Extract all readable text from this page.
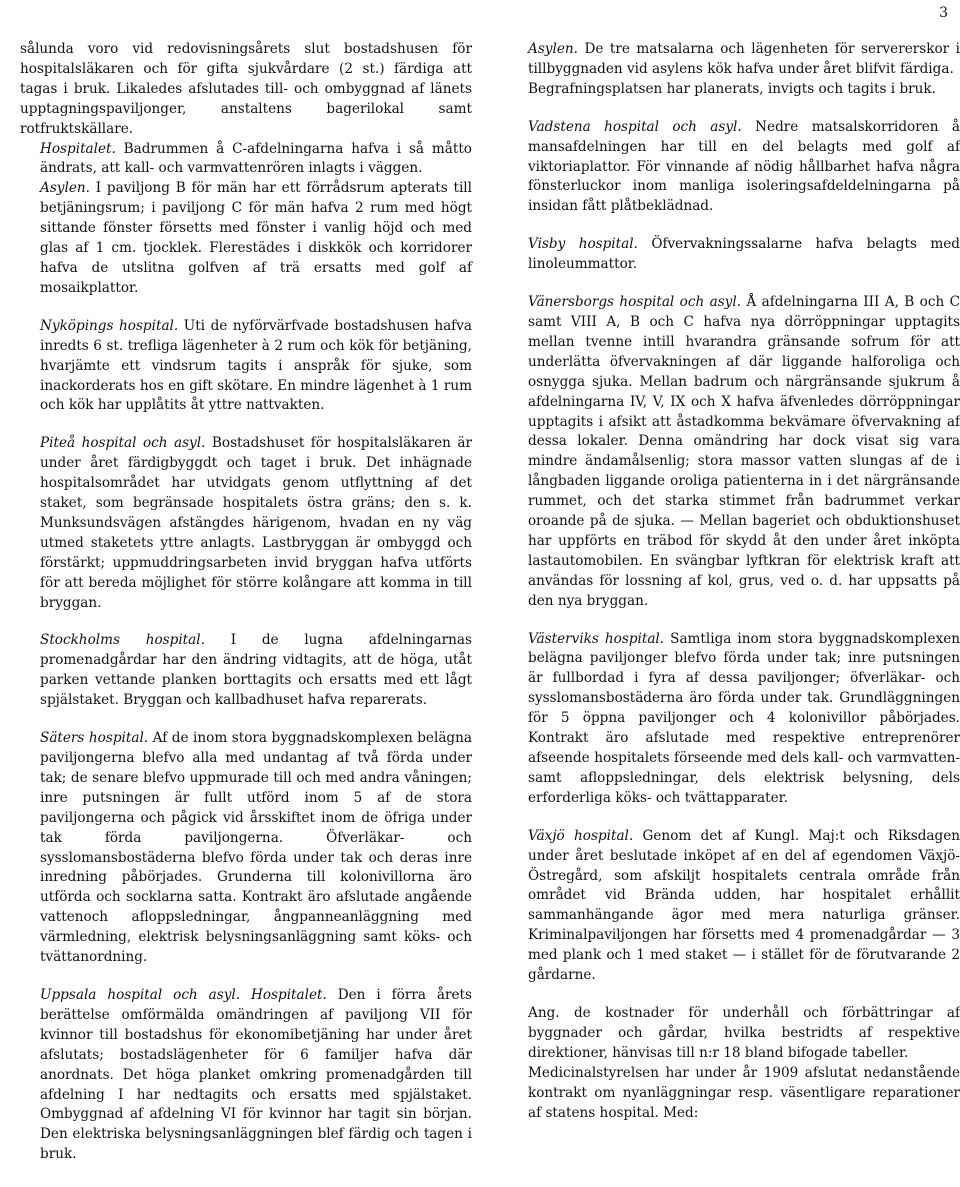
3

sålunda voro vid redovisningsårets slut bostadshusen för hospitalsläkaren och för gifta sjukvårdare (2 st.) färdiga att tagas i bruk. Likaledes afslutades till- och ombyggnad af länets upptagningspaviljonger, anstaltens bagerilokal samt rotfruktskällare.

Hospitalet. Badrummen å C-afdelningarna hafva i så måtto ändrats, att kall- och varmvattenrören inlagts i väggen.

Asylen. I paviljong B för män har ett förrådsrum apterats till betjäningsrum; i paviljong C för män hafva 2 rum med högt sittande fönster försetts med fönster i vanlig höjd och med glas af 1 cm. tjocklek. Flerestädes i diskkök och korridorer hafva de utslitna golfven af trä ersatts med golf af mosaikplattor.

Nyköpings hospital. Uti de nyförvärfvade bostadshusen hafva inredts 6 st. trefliga lägenheter à 2 rum och kök för betjäning, hvarjämte ett vindsrum tagits i anspråk för sjuke, som inackorderats hos en gift skötare. En mindre lägenhet à 1 rum och kök har upplåtits åt yttre nattvakten.

Piteå hospital och asyl. Bostadshuset för hospitalsläkaren är under året färdigbyggdt och taget i bruk. Det inhägnade hospitalsområdet har utvidgats genom utflyttning af det staket, som begränsade hospitalets östra gräns; den s. k. Munksundsvägen afstängdes härigenom, hvadan en ny väg utmed staketets yttre anlagts. Lastbryggan är ombyggd och förstärkt; uppmuddringsarbeten invid bryggan hafva utförts för att bereda möjlighet för större kolångare att komma in till bryggan.

Stockholms hospital. I de lugna afdelningarnas promenadgårdar har den ändring vidtagits, att de höga, utåt parken vettande planken borttagits och ersatts med ett lågt spjälstaket. Bryggan och kallbadhuset hafva reparerats.

Säters hospital. Af de inom stora byggnadskomplexen belägna paviljongerna blefvo alla med undantag af två förda under tak; de senare blefvo uppmurade till och med andra våningen; inre putsningen är fullt utförd inom 5 af de stora paviljongerna och pågick vid årsskiftet inom de öfriga under tak förda paviljongerna. Öfverläkar- och sysslomansbostäderna blefvo förda under tak och deras inre inredning påbörjades. Grunderna till kolonivillorna äro utförda och socklarna satta. Kontrakt äro afslutade angående vattenoch afloppsledningar, ångpanneanläggning med värmledning, elektrisk belysningsanläggning samt köks- och tvättanordning.

Uppsala hospital och asyl. Hospitalet. Den i förra årets berättelse omförmälda omändringen af paviljong VII för kvinnor till bostadshus för ekonomibetjäning har under året afslutats; bostadslägenheter för 6 familjer hafva där anordnats. Det höga planket omkring promenadgården till afdelning I har nedtagits och ersatts med spjälstaket. Ombyggnad af afdelning VI för kvinnor har tagit sin början. Den elektriska belysningsanläggningen blef färdig och tagen i bruk.

Asylen. De tre matsalarna och lägenheten för servererskor i tillbyggnaden vid asylens kök hafva under året blifvit färdiga.

Begrafningsplatsen har planerats, invigts och tagits i bruk.

Vadstena hospital och asyl. Nedre matsalskorridoren å mansafdelningen har till en del belagts med golf af viktoriaplattor. För vinnande af nödig hållbarhet hafva några fönsterluckor inom manliga isoleringsafdeldelningarna på insidan fått plåtbeklädnad.

Visby hospital. Öfvervakningssalarne hafva belagts med linoleummattor.

Vänersborgs hospital och asyl. Å afdelningarna III A, B och C samt VIII A, B och C hafva nya dörröppningar upptagits mellan tvenne intill hvarandra gränsande sofrum för att underlätta öfvervakningen af där liggande halforoliga och osnygga sjuka. Mellan badrum och närgränsande sjukrum å afdelningarna IV, V, IX och X hafva äfvenledes dörröppningar upptagits i afsikt att åstadkomma bekvämare öfvervakning af dessa lokaler. Denna omändring har dock visat sig vara mindre ändamålsenlig; stora massor vatten slungas af de i långbaden liggande oroliga patienterna in i det närgränsande rummet, och det starka stimmet från badrummet verkar oroande på de sjuka. — Mellan bageriet och obduktionshuset har uppförts en träbod för skydd åt den under året inköpta lastautomobilen. En svängbar lyftkran för elektrisk kraft att användas för lossning af kol, grus, ved o. d. har uppsatts på den nya bryggan.

Västerviks hospital. Samtliga inom stora byggnadskomplexen belägna paviljonger blefvo förda under tak; inre putsningen är fullbordad i fyra af dessa paviljonger; öfverläkar- och sysslomansbostäderna äro förda under tak. Grundläggningen för 5 öppna paviljonger och 4 kolonivillor påbörjades. Kontrakt äro afslutade med respektive entreprenörer afseende hospitalets förseende med dels kall- och varmvatten- samt afloppsledningar, dels elektrisk belysning, dels erforderliga köks- och tvättapparater.

Växjö hospital. Genom det af Kungl. Maj:t och Riksdagen under året beslutade inköpet af en del af egendomen Växjö-Östregård, som afskiljt hospitalets centrala område från området vid Brända udden, har hospitalet erhållit sammanhängande ägor med mera naturliga gränser. Kriminalpaviljongen har försetts med 4 promenadgårdar — 3 med plank och 1 med staket — i stället för de förutvarande 2 gårdarne.

Ang. de kostnader för underhåll och förbättringar af byggnader och gårdar, hvilka bestridts af respektive direktioner, hänvisas till n:r 18 bland bifogade tabeller.

Medicinalstyrelsen har under år 1909 afslutat nedanstående kontrakt om nyanläggningar resp. väsentligare reparationer af statens hospital. Med:
